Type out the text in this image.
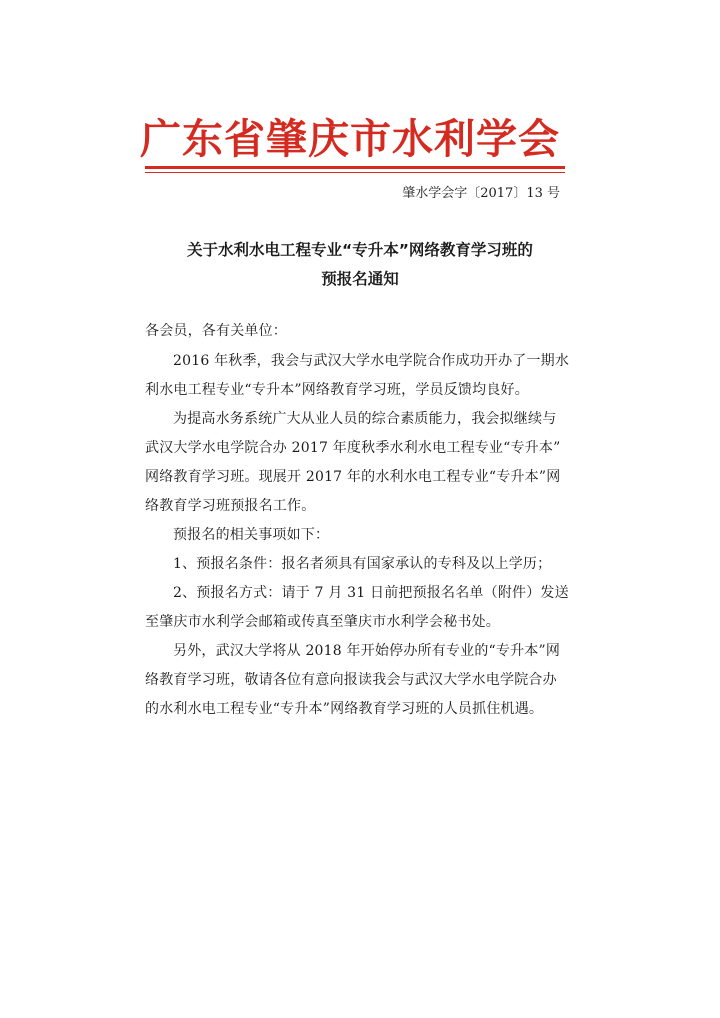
广东省肇庆市水利学会
肇水学会字〔2017〕13 号
关于水利水电工程专业“专升本”网络教育学习班的
预报名通知
各会员，各有关单位：
2016 年秋季，我会与武汉大学水电学院合作成功开办了一期水
利水电工程专业“专升本”网络教育学习班，学员反馈均良好。
为提高水务系统广大从业人员的综合素质能力，我会拟继续与
武汉大学水电学院合办 2017 年度秋季水利水电工程专业“专升本”
网络教育学习班。现展开 2017 年的水利水电工程专业“专升本”网
络教育学习班预报名工作。
预报名的相关事项如下：
1、预报名条件：报名者须具有国家承认的专科及以上学历；
2、预报名方式：请于 7 月 31 日前把预报名名单（附件）发送
至肇庆市水利学会邮箱或传真至肇庆市水利学会秘书处。
另外，武汉大学将从 2018 年开始停办所有专业的“专升本”网
络教育学习班，敬请各位有意向报读我会与武汉大学水电学院合办
的水利水电工程专业“专升本”网络教育学习班的人员抓住机遇。
